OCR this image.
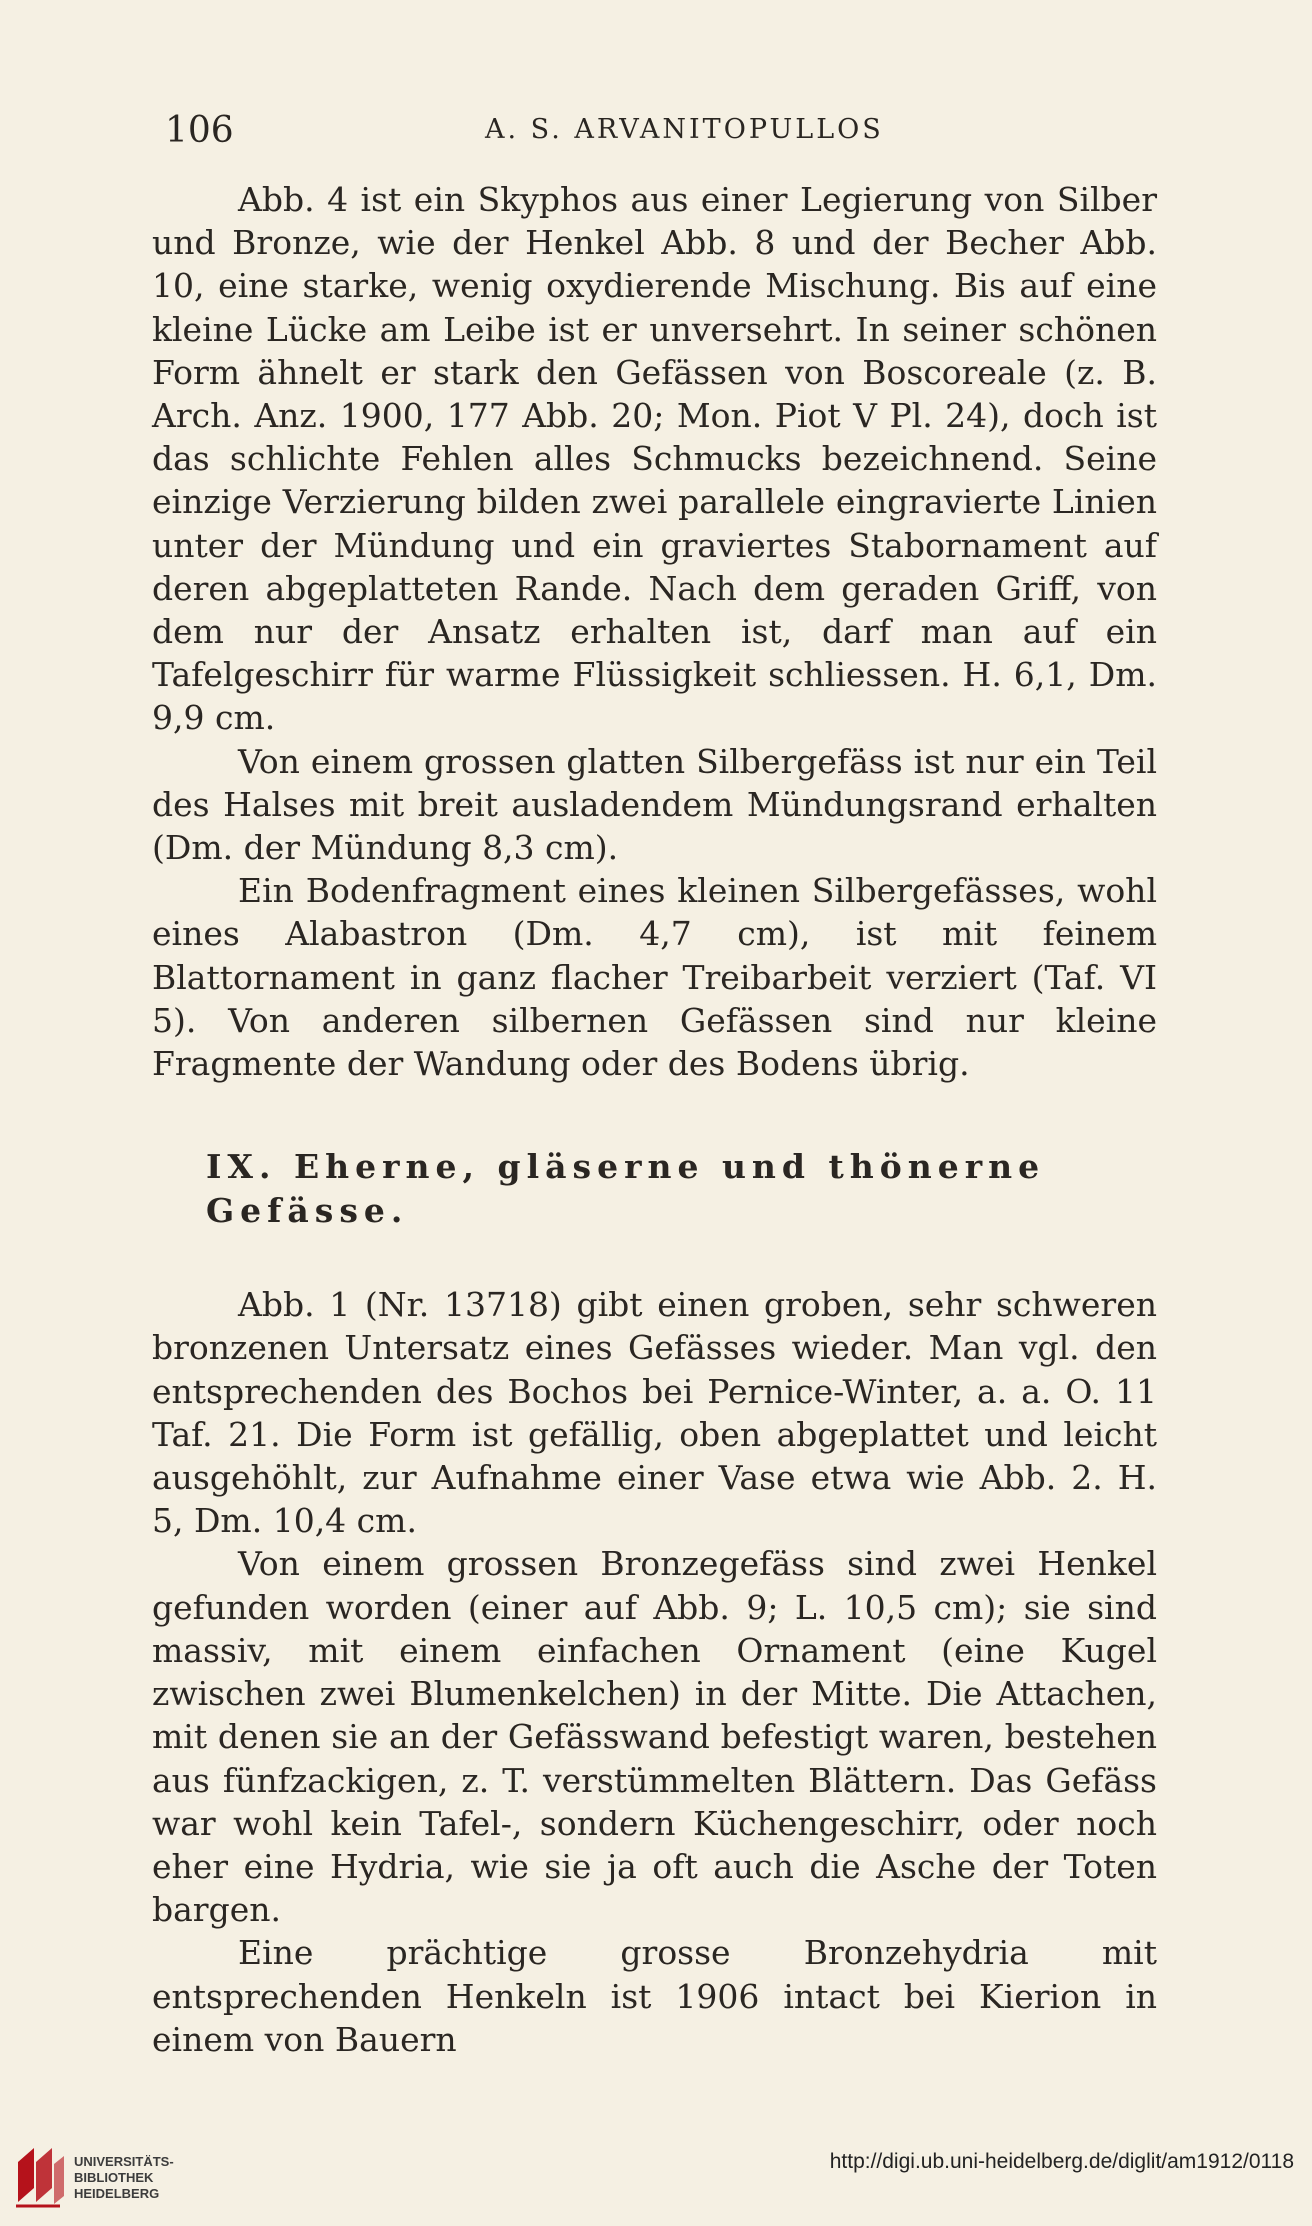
106	A. S. ARVANITOPULLOS

Abb. 4 ist ein Skyphos aus einer Legierung von Silber und Bronze, wie der Henkel Abb. 8 und der Becher Abb. 10, eine starke, wenig oxydierende Mischung. Bis auf eine kleine Lücke am Leibe ist er unversehrt. In seiner schönen Form ähnelt er stark den Gefässen von Boscoreale (z. B. Arch. Anz. 1900, 177 Abb. 20; Mon. Piot V Pl. 24), doch ist das schlichte Fehlen alles Schmucks bezeichnend. Seine einzige Verzierung bilden zwei parallele eingravierte Linien unter der Mündung und ein graviertes Stabornament auf deren abgeplatteten Rande. Nach dem geraden Griff, von dem nur der Ansatz erhalten ist, darf man auf ein Tafelgeschirr für warme Flüssigkeit schliessen. H. 6,1, Dm. 9,9 cm.

Von einem grossen glatten Silbergefäss ist nur ein Teil des Halses mit breit ausladendem Mündungsrand erhalten (Dm. der Mündung 8,3 cm).

Ein Bodenfragment eines kleinen Silbergefässes, wohl eines Alabastron (Dm. 4,7 cm), ist mit feinem Blattornament in ganz flacher Treibarbeit verziert (Taf. VI 5). Von anderen silbernen Gefässen sind nur kleine Fragmente der Wandung oder des Bodens übrig.

IX. Eherne, gläserne und thönerne Gefässe.

Abb. 1 (Nr. 13718) gibt einen groben, sehr schweren bronzenen Untersatz eines Gefässes wieder. Man vgl. den entsprechenden des Bochos bei Pernice-Winter, a. a. O. 11 Taf. 21. Die Form ist gefällig, oben abgeplattet und leicht ausgehöhlt, zur Aufnahme einer Vase etwa wie Abb. 2. H. 5, Dm. 10,4 cm.

Von einem grossen Bronzegefäss sind zwei Henkel gefunden worden (einer auf Abb. 9; L. 10,5 cm); sie sind massiv, mit einem einfachen Ornament (eine Kugel zwischen zwei Blumenkelchen) in der Mitte. Die Attachen, mit denen sie an der Gefässwand befestigt waren, bestehen aus fünfzackigen, z. T. verstümmelten Blättern. Das Gefäss war wohl kein Tafel-, sondern Küchengeschirr, oder noch eher eine Hydria, wie sie ja oft auch die Asche der Toten bargen.

Eine prächtige grosse Bronzehydria mit entsprechenden Henkeln ist 1906 intact bei Kierion in einem von Bauern

UNIVERSITÄTS-
BIBLIOTHEK
HEIDELBERG
http://digi.ub.uni-heidelberg.de/diglit/am1912/0118
